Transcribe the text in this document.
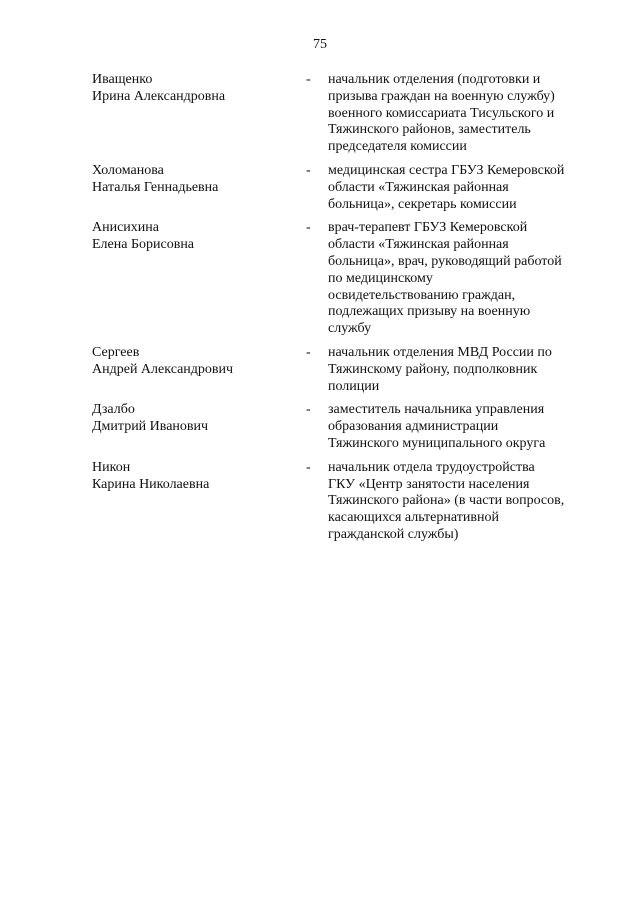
75
Иващенко
Ирина Александровна
-	начальник отделения (подготовки и
призыва граждан на военную службу)
военного комиссариата Тисульского и
Тяжинского районов, заместитель
председателя комиссии
Холоманова
Наталья Геннадьевна
-	медицинская сестра ГБУЗ Кемеровской
области «Тяжинская районная
больница», секретарь комиссии
Анисихина
Елена Борисовна
-	врач-терапевт ГБУЗ Кемеровской
области «Тяжинская районная
больница», врач, руководящий работой
по медицинскому
освидетельствованию граждан,
подлежащих призыву на военную
службу
Сергеев
Андрей Александрович
-	начальник отделения МВД России по
Тяжинскому району, подполковник
полиции
Дзалбо
Дмитрий Иванович
-	заместитель начальника управления
образования администрации
Тяжинского муниципального округа
Никон
Карина Николаевна
-	начальник отдела трудоустройства
ГКУ «Центр занятости населения
Тяжинского района» (в части вопросов,
касающихся альтернативной
гражданской службы)
